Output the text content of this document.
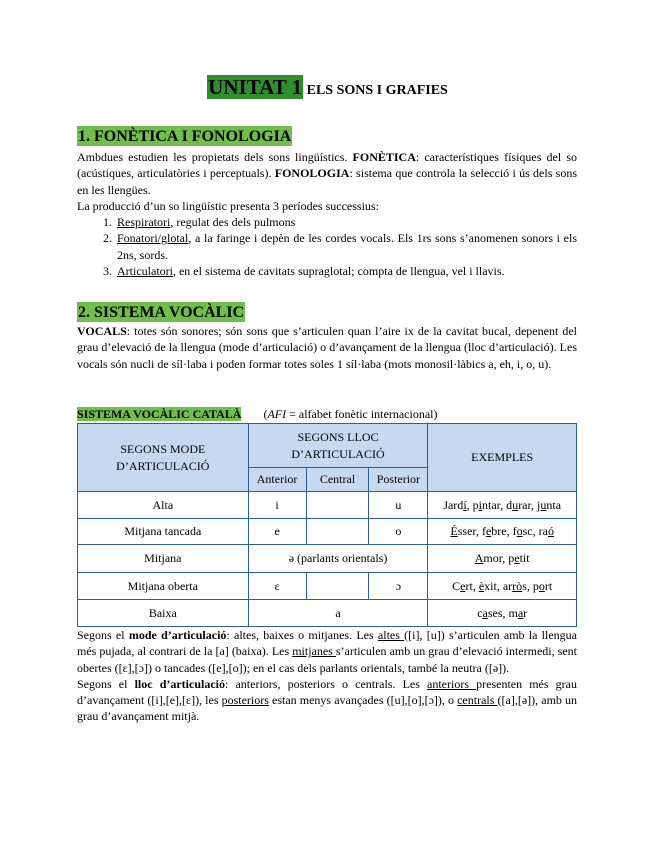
UNITAT 1 ELS SONS I GRAFIES
1. FONÈTICA I FONOLOGIA

Ambdues estudien les propietats dels sons lingüístics. FONÈTICA: característiques físiques del so (acústiques, articulatòries i perceptuals). FONOLOGIA: sistema que controla la selecció i ús dels sons en les llengües.

La producció d’un so lingüístic presenta 3 períodes successius:

1. Respiratori, regulat des dels pulmons
2. Fonatori/glotal, a la faringe i depèn de les cordes vocals. Els 1rs sons s’anomenen sonors i els 2ns, sords.
3. Articulatori, en el sistema de cavitats supraglotal; compta de llengua, vel i llavis.
2. SISTEMA VOCÀLIC

VOCALS: totes són sonores; són sons que s’articulen quan l’aire ix de la cavitat bucal, depenent del grau d’elevació de la llengua (mode d’articulació) o d’avançament de la llengua (lloc d’articulació). Les vocals són nucli de síl·laba i poden formar totes soles 1 síl·laba (mots monosil·làbics a, eh, i, o, u).

SISTEMA VOCÀLIC CATALÀ (AFI = alfabet fonètic internacional)
SEGONS MODE
D’ARTICULACIÓ	SEGONS LLOC
D’ARTICULACIÓ			EXEMPLES
	Anterior	Central	Posterior	
Alta	i		u	Jardí, pintar, durar, junta
Mitjana tancada	e		o	Ésser, febre, fosc, raó
Mitjana	ə (parlants orientals)			Amor, petit
Mitjana oberta	ɛ		ɔ	Cert, èxit, arròs, port
Baixa	a			cases, mar

Segons el mode d’articulació: altes, baixes o mitjanes. Les altes ([i], [u]) s’articulen amb la llengua més pujada, al contrari de la [a] (baixa). Les mitjanes s’articulen amb un grau d’elevació intermedi, sent obertes ([ɛ],[ɔ]) o tancades ([e],[o]); en el cas dels parlants orientals, també la neutra ([ə]).

Segons el lloc d’articulació: anteriors, posteriors o centrals. Les anteriors presenten més grau d’avançament ([i],[e],[ɛ]), les posteriors estan menys avançades ([u],[o],[ɔ]), o centrals ([a],[ə]), amb un grau d’avançament mitjà.
